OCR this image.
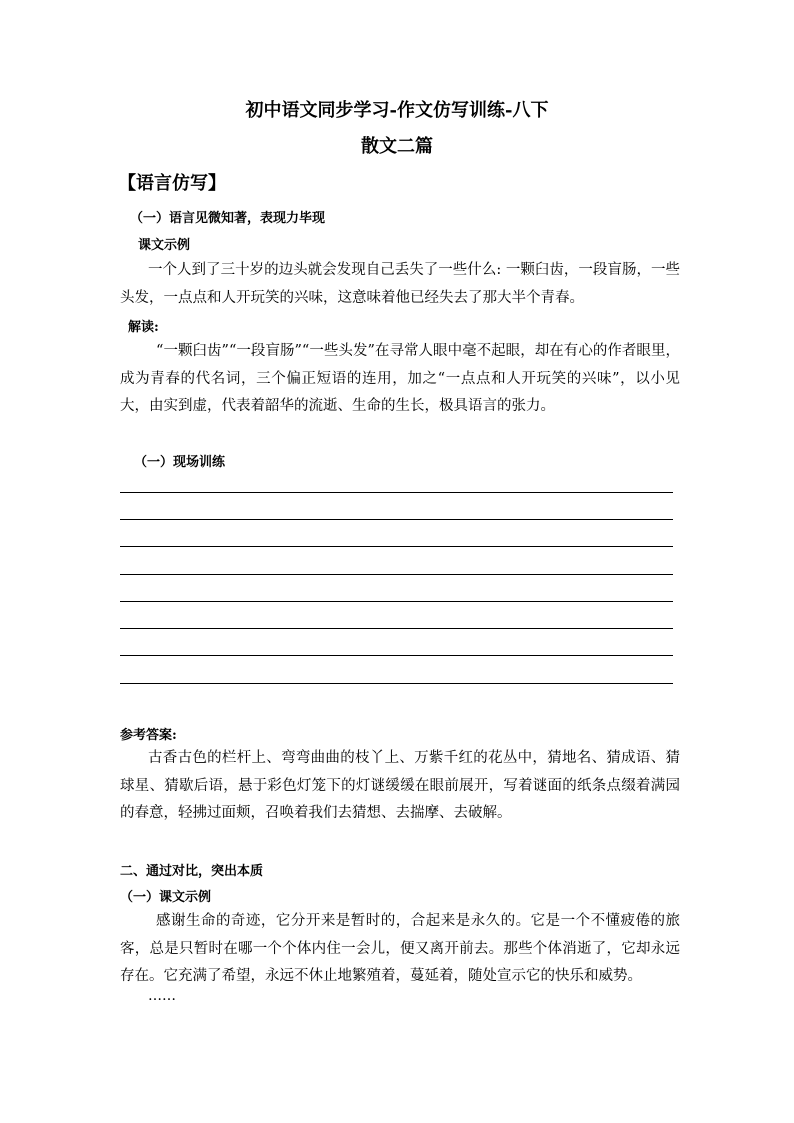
初中语文同步学习-作文仿写训练-八下
散文二篇
【语言仿写】
（一）语言见微知著，表现力毕现
课文示例
一个人到了三十岁的边头就会发现自己丢失了一些什么: 一颗臼齿，一段盲肠，一些头发，一点点和人开玩笑的兴味，这意味着他已经失去了那大半个青春。
解读:
“一颗臼齿”“一段盲肠”“一些头发”在寻常人眼中毫不起眼，却在有心的作者眼里，成为青春的代名词，三个偏正短语的连用，加之“一点点和人开玩笑的兴味”，以小见大，由实到虚，代表着韶华的流逝、生命的生长，极具语言的张力。
（一）现场训练
参考答案:
古香古色的栏杆上、弯弯曲曲的枝丫上、万紫千红的花丛中，猜地名、猜成语、猜球星、猜歇后语，悬于彩色灯笼下的灯谜缓缓在眼前展开，写着谜面的纸条点缀着满园的春意，轻拂过面颊，召唤着我们去猜想、去揣摩、去破解。
二、通过对比，突出本质
（一）课文示例
感谢生命的奇迹，它分开来是暂时的，合起来是永久的。它是一个不懂疲倦的旅客，总是只暂时在哪一个个体内住一会儿，便又离开前去。那些个体消逝了，它却永远存在。它充满了希望，永远不休止地繁殖着，蔓延着，随处宣示它的快乐和威势。
……
